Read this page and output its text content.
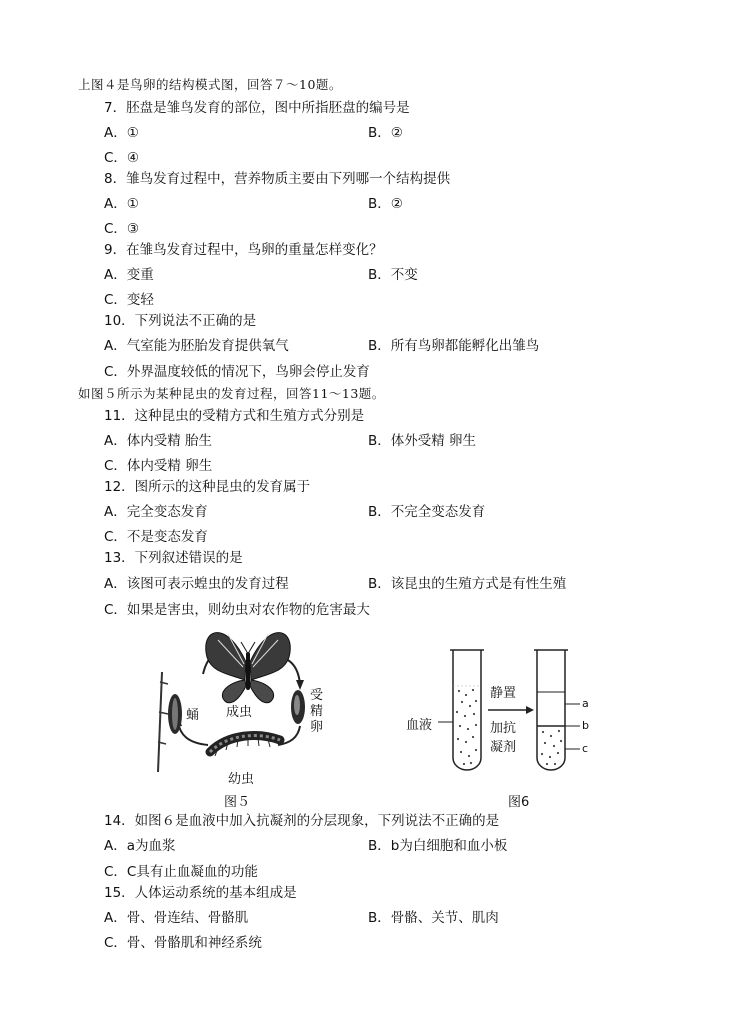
上图４是鸟卵的结构模式图，回答７～10题。
7．胚盘是雏鸟发育的部位，图中所指胚盘的编号是
A．①	B．②
C．④
8．雏鸟发育过程中，营养物质主要由下列哪一个结构提供
A．①	B．②
C．③
9．在雏鸟发育过程中，鸟卵的重量怎样变化？
A．变重	B．不变
C．变轻
10．下列说法不正确的是
A．气室能为胚胎发育提供氧气	B．所有鸟卵都能孵化出雏鸟
C．外界温度较低的情况下，鸟卵会停止发育
如图５所示为某种昆虫的发育过程，回答11～13题。
11．这种昆虫的受精方式和生殖方式分别是
A．体内受精 胎生	B．体外受精 卵生
C．体内受精 卵生
12．图所示的这种昆虫的发育属于
A．完全变态发育	B．不完全变态发育
C．不是变态发育
13．下列叙述错误的是
A．该图可表示蝗虫的发育过程	B．该昆虫的生殖方式是有性生殖
C．如果是害虫，则幼虫对农作物的危害最大
蛹 成虫
受
精
卵
幼虫
图５
血液
静置
加抗
凝剂
a
b
c
图6
14．如图６是血液中加入抗凝剂的分层现象，下列说法不正确的是
A．a为血浆	B．b为白细胞和血小板
C．C具有止血凝血的功能
15．人体运动系统的基本组成是
A．骨、骨连结、骨骼肌	B．骨骼、关节、肌肉
C．骨、骨骼肌和神经系统
